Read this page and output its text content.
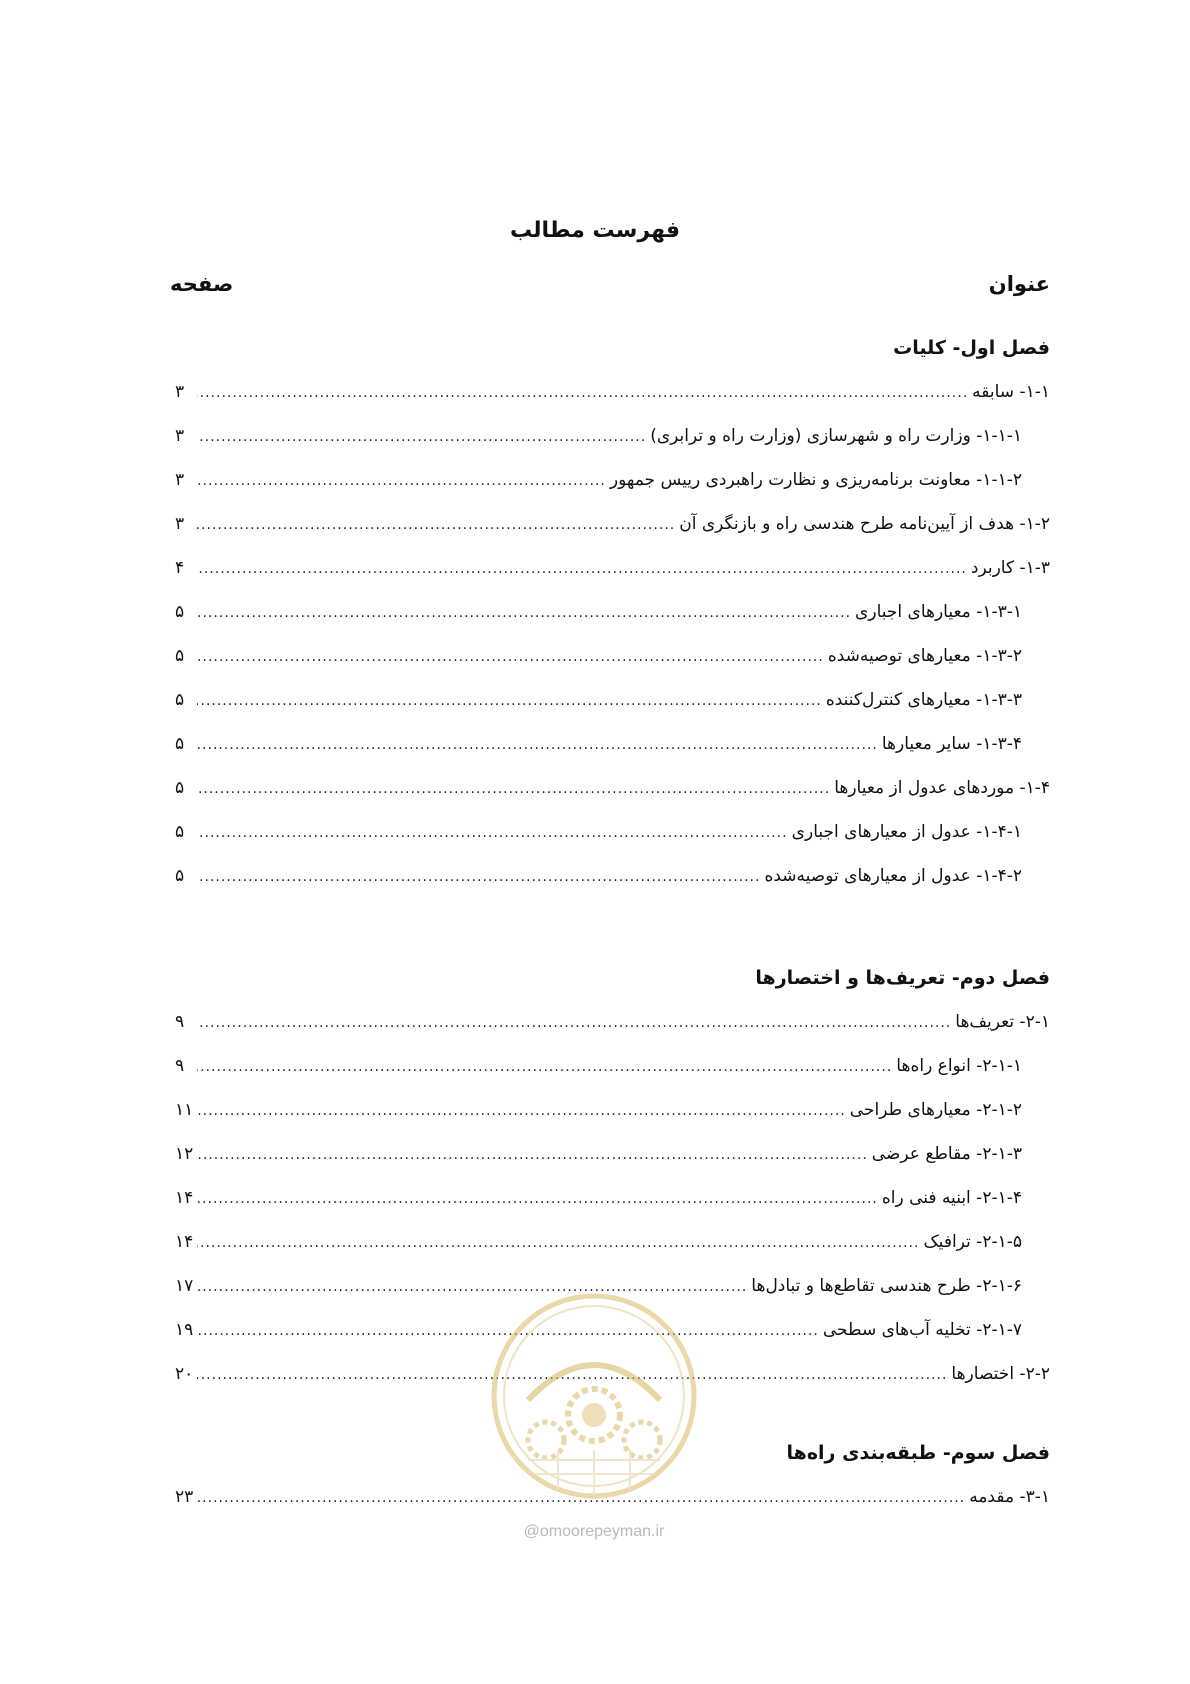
فهرست مطالب
عنوان
صفحه
فصل اول- کلیات
۱-۱- سابقه
.....
۳
۱-۱-۱- وزارت راه و شهرسازی (وزارت راه و ترابری)
.....
۳
۱-۱-۲- معاونت برنامه‌ریزی و نظارت راهبردی رییس جمهور
.....
۳
۱-۲- هدف از آیین‌نامه طرح هندسی راه و بازنگری آن
.....
۳
۱-۳- کاربرد
.....
۴
۱-۳-۱- معیارهای اجباری
.....
۵
۱-۳-۲- معیارهای توصیه‌شده
.....
۵
۱-۳-۳- معیارهای کنترل‌کننده
.....
۵
۱-۳-۴- سایر معیارها
.....
۵
۱-۴- موردهای عدول از معیارها
.....
۵
۱-۴-۱- عدول از معیارهای اجباری
.....
۵
۱-۴-۲- عدول از معیارهای توصیه‌شده
.....
۵
فصل دوم- تعریف‌ها و اختصارها
۲-۱- تعریف‌ها
.....
۹
۲-۱-۱- انواع راه‌ها
.....
۹
۲-۱-۲- معیارهای طراحی
.....
۱۱
۲-۱-۳- مقاطع عرضی
.....
۱۲
۲-۱-۴- ابنیه فنی راه
.....
۱۴
۲-۱-۵- ترافیک
.....
۱۴
۲-۱-۶- طرح هندسی تقاطع‌ها و تبادل‌ها
.....
۱۷
۲-۱-۷- تخلیه آب‌های سطحی
.....
۱۹
۲-۲- اختصارها
.....
۲۰
فصل سوم- طبقه‌بندی راه‌ها
۳-۱- مقدمه
.....
۲۳
@omoorepeyman.ir
